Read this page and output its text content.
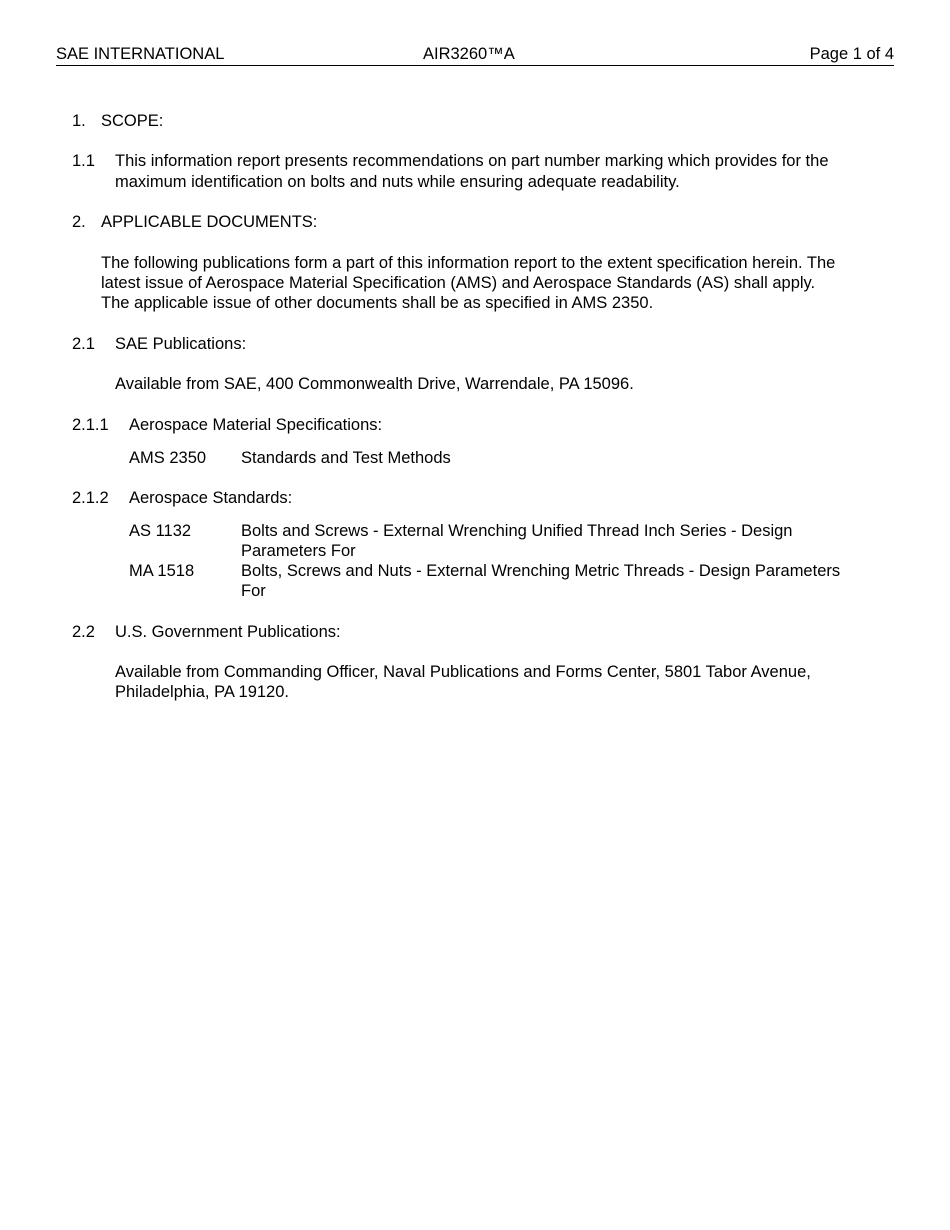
SAE INTERNATIONAL	AIR3260™A	Page 1 of 4

1. SCOPE:

1.1 This information report presents recommendations on part number marking which provides for the

maximum identification on bolts and nuts while ensuring adequate readability.

2. APPLICABLE DOCUMENTS:

The following publications form a part of this information report to the extent specification herein. The

latest issue of Aerospace Material Specification (AMS) and Aerospace Standards (AS) shall apply.

The applicable issue of other documents shall be as specified in AMS 2350.

2.1 SAE Publications:

Available from SAE, 400 Commonwealth Drive, Warrendale, PA 15096.

2.1.1 Aerospace Material Specifications:

AMS 2350 Standards and Test Methods

2.1.2 Aerospace Standards:

AS 1132	Bolts and Screws - External Wrenching Unified Thread Inch Series - Design

Parameters For

MA 1518	Bolts, Screws and Nuts - External Wrenching Metric Threads - Design Parameters

For

2.2 U.S. Government Publications:

Available from Commanding Officer, Naval Publications and Forms Center, 5801 Tabor Avenue,

Philadelphia, PA 19120.
